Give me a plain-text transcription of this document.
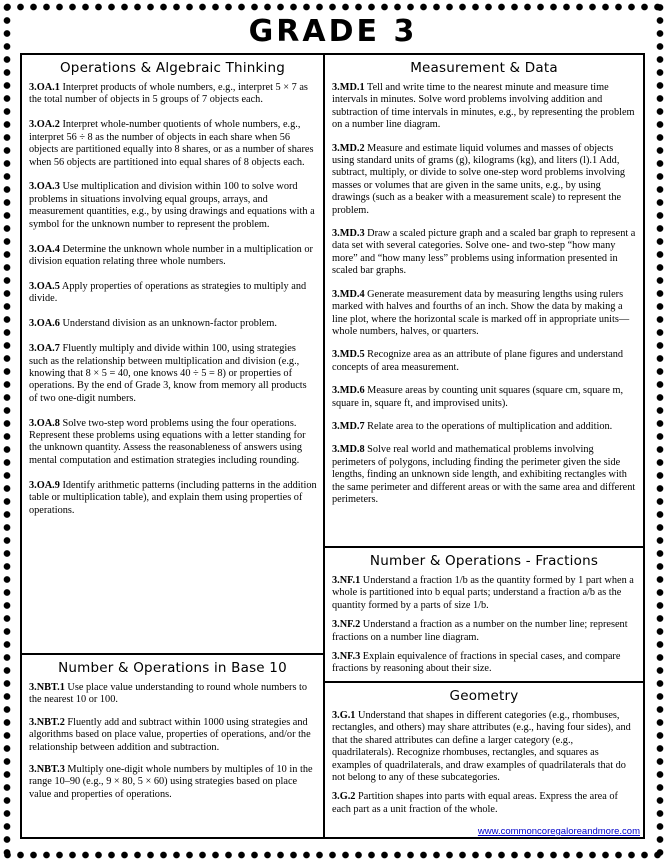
GRADE 3
Operations & Algebraic Thinking

3.OA.1 Interpret products of whole numbers, e.g., interpret 5 × 7 as the total number of objects in 5 groups of 7 objects each.

3.OA.2 Interpret whole-number quotients of whole numbers, e.g., interpret 56 ÷ 8 as the number of objects in each share when 56 objects are partitioned equally into 8 shares, or as a number of shares when 56 objects are partitioned into equal shares of 8 objects each.

3.OA.3 Use multiplication and division within 100 to solve word problems in situations involving equal groups, arrays, and measurement quantities, e.g., by using drawings and equations with a symbol for the unknown number to represent the problem.

3.OA.4 Determine the unknown whole number in a multiplication or division equation relating three whole numbers.

3.OA.5 Apply properties of operations as strategies to multiply and divide.

3.OA.6 Understand division as an unknown-factor problem.

3.OA.7 Fluently multiply and divide within 100, using strategies such as the relationship between multiplication and division (e.g., knowing that 8 × 5 = 40, one knows 40 ÷ 5 = 8) or properties of operations. By the end of Grade 3, know from memory all products of two one-digit numbers.

3.OA.8 Solve two-step word problems using the four operations. Represent these problems using equations with a letter standing for the unknown quantity. Assess the reasonableness of answers using mental computation and estimation strategies including rounding.

3.OA.9 Identify arithmetic patterns (including patterns in the addition table or multiplication table), and explain them using properties of operations.

Number & Operations in Base 10

3.NBT.1 Use place value understanding to round whole numbers to the nearest 10 or 100.

3.NBT.2 Fluently add and subtract within 1000 using strategies and algorithms based on place value, properties of operations, and/or the relationship between addition and subtraction.

3.NBT.3 Multiply one-digit whole numbers by multiples of 10 in the range 10–90 (e.g., 9 × 80, 5 × 60) using strategies based on place value and properties of operations.

Measurement & Data

3.MD.1 Tell and write time to the nearest minute and measure time intervals in minutes. Solve word problems involving addition and subtraction of time intervals in minutes, e.g., by representing the problem on a number line diagram.

3.MD.2 Measure and estimate liquid volumes and masses of objects using standard units of grams (g), kilograms (kg), and liters (l).1 Add, subtract, multiply, or divide to solve one-step word problems involving masses or volumes that are given in the same units, e.g., by using drawings (such as a beaker with a measurement scale) to represent the problem.

3.MD.3 Draw a scaled picture graph and a scaled bar graph to represent a data set with several categories. Solve one- and two-step “how many more” and “how many less” problems using information presented in scaled bar graphs.

3.MD.4 Generate measurement data by measuring lengths using rulers marked with halves and fourths of an inch. Show the data by making a line plot, where the horizontal scale is marked off in appropriate units— whole numbers, halves, or quarters.

3.MD.5 Recognize area as an attribute of plane figures and understand concepts of area measurement.

3.MD.6 Measure areas by counting unit squares (square cm, square m, square in, square ft, and improvised units).

3.MD.7 Relate area to the operations of multiplication and addition.

3.MD.8 Solve real world and mathematical problems involving perimeters of polygons, including finding the perimeter given the side lengths, finding an unknown side length, and exhibiting rectangles with the same perimeter and different areas or with the same area and different perimeters.

Number & Operations - Fractions

3.NF.1 Understand a fraction 1/b as the quantity formed by 1 part when a whole is partitioned into b equal parts; understand a fraction a/b as the quantity formed by a parts of size 1/b.

3.NF.2 Understand a fraction as a number on the number line; represent fractions on a number line diagram.

3.NF.3 Explain equivalence of fractions in special cases, and compare fractions by reasoning about their size.

Geometry

3.G.1 Understand that shapes in different categories (e.g., rhombuses, rectangles, and others) may share attributes (e.g., having four sides), and that the shared attributes can define a larger category (e.g., quadrilaterals). Recognize rhombuses, rectangles, and squares as examples of quadrilaterals, and draw examples of quadrilaterals that do not belong to any of these subcategories.

3.G.2 Partition shapes into parts with equal areas. Express the area of each part as a unit fraction of the whole.

www.commoncoregaloreandmore.com
